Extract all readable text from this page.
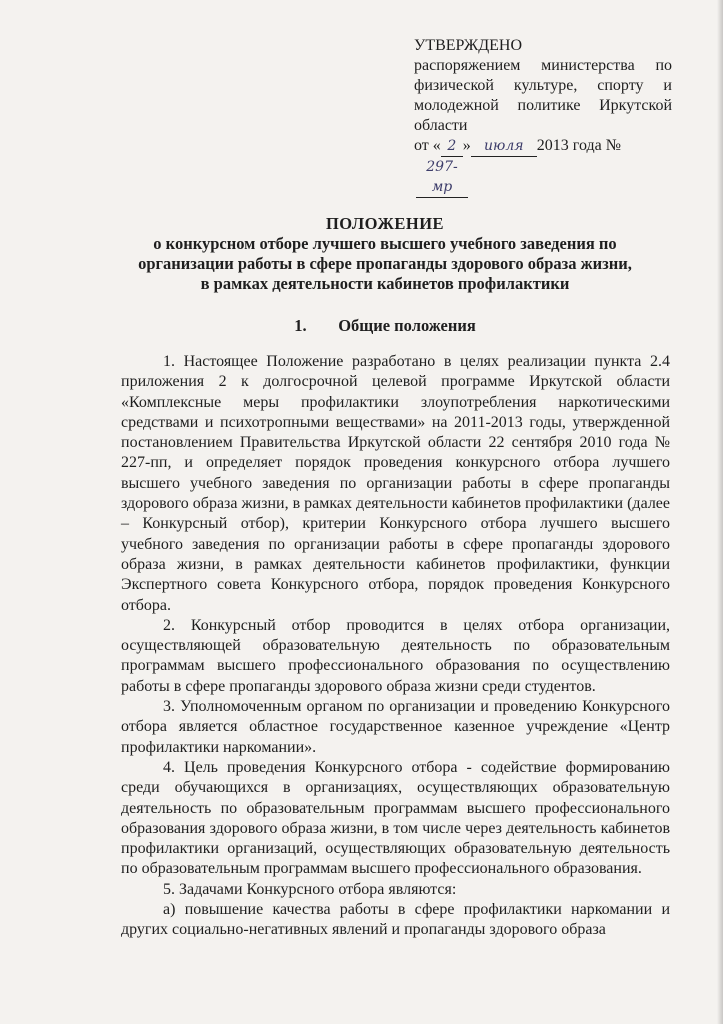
УТВЕРЖДЕНО
распоряжением министерства по
физической культуре, спорту и
молодежной политике Иркутской
области
от « 2 » июля 2013 года №297-мр
ПОЛОЖЕНИЕ
о конкурсном отборе лучшего высшего учебного заведения по
организации работы в сфере пропаганды здорового образа жизни,
в рамках деятельности кабинетов профилактики
1. Общие положения

1. Настоящее Положение разработано в целях реализации пункта 2.4 приложения 2 к долгосрочной целевой программе Иркутской области «Комплексные меры профилактики злоупотребления наркотическими средствами и психотропными веществами» на 2011-2013 годы, утвержденной постановлением Правительства Иркутской области 22 сентября 2010 года № 227-пп, и определяет порядок проведения конкурсного отбора лучшего высшего учебного заведения по организации работы в сфере пропаганды здорового образа жизни, в рамках деятельности кабинетов профилактики (далее – Конкурсный отбор), критерии Конкурсного отбора лучшего высшего учебного заведения по организации работы в сфере пропаганды здорового образа жизни, в рамках деятельности кабинетов профилактики, функции Экспертного совета Конкурсного отбора, порядок проведения Конкурсного отбора.

2. Конкурсный отбор проводится в целях отбора организации, осуществляющей образовательную деятельность по образовательным программам высшего профессионального образования по осуществлению работы в сфере пропаганды здорового образа жизни среди студентов.

3. Уполномоченным органом по организации и проведению Конкурсного отбора является областное государственное казенное учреждение «Центр профилактики наркомании».

4. Цель проведения Конкурсного отбора - содействие формированию среди обучающихся в организациях, осуществляющих образовательную деятельность по образовательным программам высшего профессионального образования здорового образа жизни, в том числе через деятельность кабинетов профилактики организаций, осуществляющих образовательную деятельность по образовательным программам высшего профессионального образования.

5. Задачами Конкурсного отбора являются:

а) повышение качества работы в сфере профилактики наркомании и других социально-негативных явлений и пропаганды здорового образа
